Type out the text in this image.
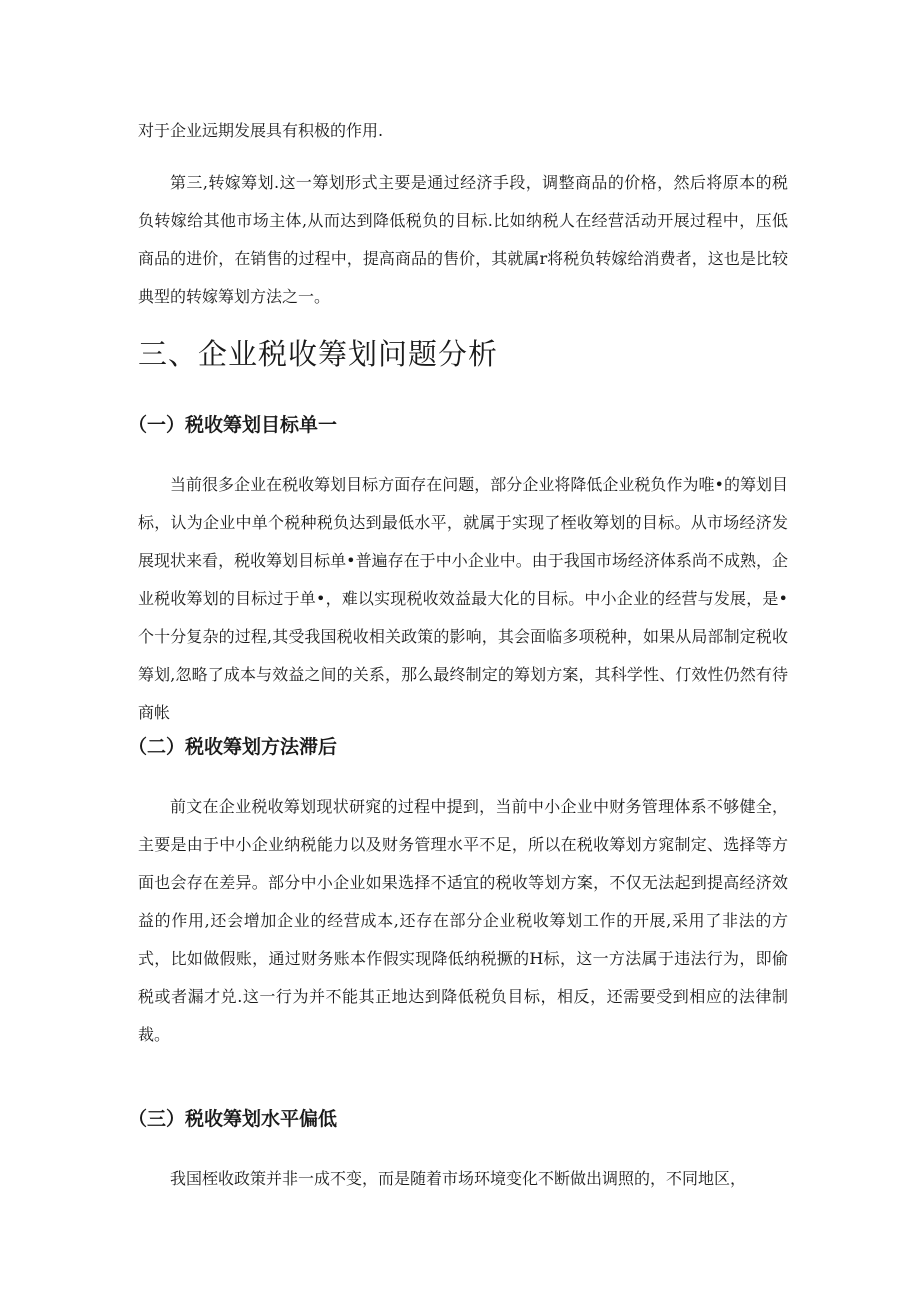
对于企业远期发展具有积极的作用.

第三,转嫁筹划.这一筹划形式主要是通过经济手段，调整商品的价格，然后将原本的税负转嫁给其他市场主体,从而达到降低税负的目标.比如纳税人在经营活动开展过程中，压低商品的进价，在销售的过程中，提高商品的售价，其就属r将税负转嫁给消费者，这也是比较典型的转嫁筹划方法之一。

三、企业税收筹划问题分析
（一）税收筹划目标单一

当前很多企业在税收筹划目标方面存在问题，部分企业将降低企业税负作为唯•的筹划目标，认为企业中单个税种税负达到最低水平，就属于实现了桎收筹划的目标。从市场经济发展现状来看，税收筹划目标单•普遍存在于中小企业中。由于我国市场经济体系尚不成熟，企业税收筹划的目标过于单•，难以实现税收效益最大化的目标。中小企业的经营与发展，是•个十分复杂的过程,其受我国税收相关政策的影响，其会面临多项税种，如果从局部制定税收筹划,忽略了成本与效益之间的关系，那么最终制定的筹划方案，其科学性、仃效性仍然有待商帐

（二）税收筹划方法滞后

前文在企业税收筹划现状研窕的过程中提到，当前中小企业中财务管理体系不够健全，主要是由于中小企业纳税能力以及财务管理水平不足，所以在税收筹划方窕制定、选择等方面也会存在差异。部分中小企业如果选择不适宜的税收等划方案，不仅无法起到提高经济效益的作用,还会增加企业的经营成本,还存在部分企业税收筹划工作的开展,采用了非法的方式，比如做假账，通过财务账本作假实现降低纳税撅的H标，这一方法属于违法行为，即偷税或者漏才兑.这一行为并不能其正地达到降低税负目标，相反，还需要受到相应的法律制裁。

（三）税收筹划水平偏低

我国桎收政策并非一成不变，而是随着市场环境变化不断做出调照的，不同地区，
